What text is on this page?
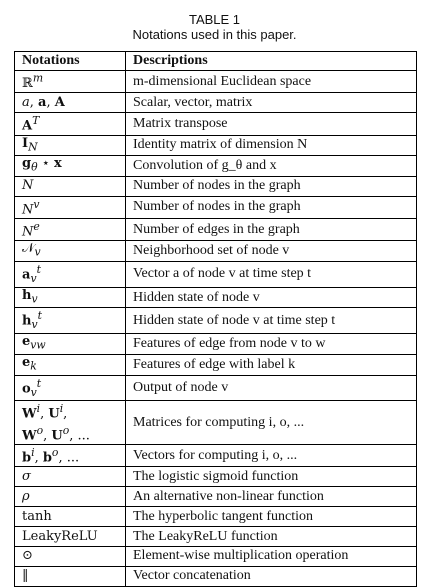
TABLE 1
Notations used in this paper.
Notations	Descriptions
ℝ$^m$	m-dimensional Euclidean space
a, a, A	Scalar, vector, matrix
$A^T$	Matrix transpose
$I_N$	Identity matrix of dimension N
$g_\theta$ ⋆ x	Convolution of g_θ and x
N	Number of nodes in the graph
$N^v$	Number of nodes in the graph
$N^e$	Number of edges in the graph
𝒩$_v$	Neighborhood set of node v
$a_v^t$	Vector a of node v at time step t
$h_v$	Hidden state of node v
$h_v^t$	Hidden state of node v at time step t
$e_{vw}$	Features of edge from node v to w
$e_k$	Features of edge with label k
$o_v^t$	Output of node v
$W^i$, $U^i$,
$W^o$, $U^o$, ...	Matrices for computing i, o, ...
$b^i$, $b^o$, ...	Vectors for computing i, o, ...
σ	The logistic sigmoid function
ρ	An alternative non-linear function
tanh	The hyperbolic tangent function
LeakyReLU	The LeakyReLU function
⊙	Element-wise multiplication operation
‖	Vector concatenation
